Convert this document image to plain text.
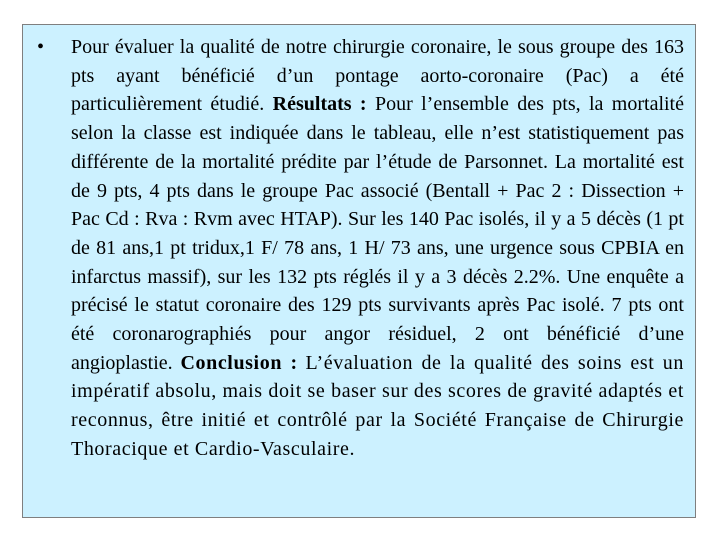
•	Pour évaluer la qualité de notre chirurgie coronaire, le sous groupe des 163 pts ayant bénéficié d’un pontage aorto-coronaire (Pac) a été particulièrement étudié. Résultats : Pour l’ensemble des pts, la mortalité selon la classe est indiquée dans le tableau, elle n’est statistiquement pas différente de la mortalité prédite par l’étude de Parsonnet. La mortalité est de 9 pts, 4 pts dans le groupe Pac associé (Bentall + Pac 2 : Dissection + Pac Cd : Rva : Rvm avec HTAP). Sur les 140 Pac isolés, il y a 5 décès (1 pt de 81 ans,1 pt tridux,1 F/ 78 ans, 1 H/ 73 ans, une urgence sous CPBIA en infarctus massif), sur les 132 pts réglés il y a 3 décès 2.2%. Une enquête a précisé le statut coronaire des 129 pts survivants après Pac isolé. 7 pts ont été coronarographiés pour angor résiduel, 2 ont bénéficié d’une angioplastie. Conclusion : L’évaluation de la qualité des soins est un impératif absolu, mais doit se baser sur des scores de gravité adaptés et reconnus, être initié et contrôlé par la Société Française de Chirurgie Thoracique et Cardio-Vasculaire.
